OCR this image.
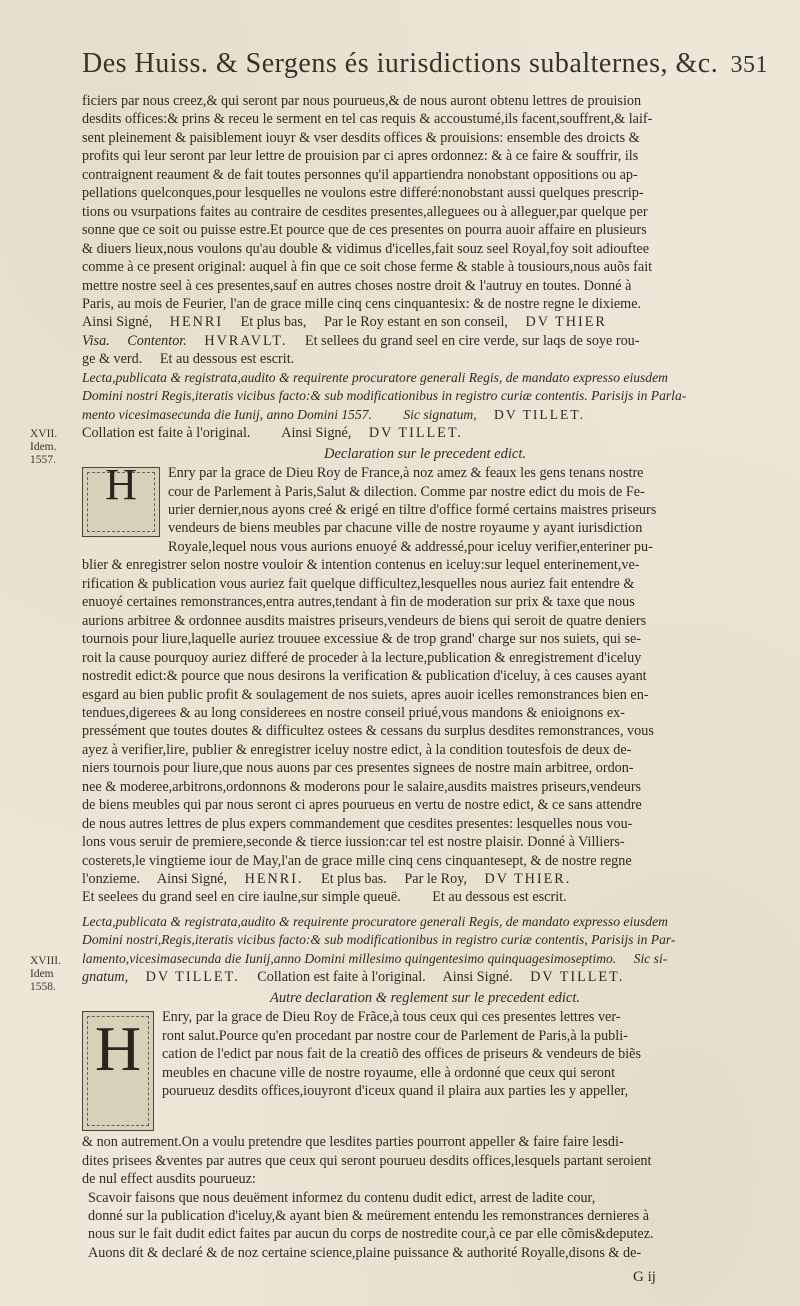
Des Huiss. & Sergens és iurisdictions subalternes, &c. 351
XVII.
Idem. 1557.
XVIII.
Idem 1558.
ficiers par nous creez,& qui seront par nous pourueus,& de nous auront obtenu lettres de prouision
desdits offices:& prins & receu le serment en tel cas requis & accoustumé,ils facent,souffrent,& laif-
sent pleinement & paisiblement iouyr & vser desdits offices & prouisions: ensemble des droicts &
profits qui leur seront par leur lettre de prouision par ci apres ordonnez: & à ce faire & souffrir, ils
contraignent reaument & de fait toutes personnes qu'il appartiendra nonobstant oppositions ou ap-
pellations quelconques,pour lesquelles ne voulons estre differé:nonobstant aussi quelques prescrip-
tions ou vsurpations faites au contraire de cesdites presentes,alleguees ou à alleguer,par quelque per
sonne que ce soit ou puisse estre.Et pource que de ces presentes on pourra auoir affaire en plusieurs
& diuers lieux,nous voulons qu'au double & vidimus d'icelles,fait souz seel Royal,foy soit adiouftee
comme à ce present original: auquel à fin que ce soit chose ferme & stable à tousiours,nous auõs fait
mettre nostre seel à ces presentes,sauf en autres choses nostre droit & l'autruy en toutes. Donné à
Paris, au mois de Feurier, l'an de grace mille cinq cens cinquantesix: & de nostre regne le dixieme.
Ainsi Signé, HENRI Et plus bas, Par le Roy estant en son conseil, DV THIER
Visa. Contentor. HVRAVLT. Et sellees du grand seel en cire verde, sur laqs de soye rou-
ge & verd. Et au dessous est escrit.
Lecta,publicata & registrata,audito & requirente procuratore generali Regis, de mandato expresso eiusdem
Domini nostri Regis,iteratis vicibus facto:& sub modificationibus in registro curiæ contentis. Parisijs in Parla-
mento vicesimasecunda die Iunij, anno Domini 1557. Sic signatum, DV TILLET.
Collation est faite à l'original. Ainsi Signé, DV TILLET.
Declaration sur le precedent edict.
H	Enry par la grace de Dieu Roy de France,à noz amez & feaux les gens tenans nostre
cour de Parlement à Paris,Salut & dilection. Comme par nostre edict du mois de Fe-
urier dernier,nous ayons creé & erigé en tiltre d'office formé certains maistres priseurs
vendeurs de biens meubles par chacune ville de nostre royaume y ayant iurisdiction
Royale,lequel nous vous aurions enuoyé & addressé,pour iceluy verifier,enteriner pu-
blier & enregistrer selon nostre vouloir & intention contenus en iceluy:sur lequel enterinement,ve-
rification & publication vous auriez fait quelque difficultez,lesquelles nous auriez fait entendre &
enuoyé certaines remonstrances,entra autres,tendant à fin de moderation sur prix & taxe que nous
aurions arbitree & ordonnee ausdits maistres priseurs,vendeurs de biens qui seroit de quatre deniers
tournois pour liure,laquelle auriez trouuee excessiue & de trop grand' charge sur nos suiets, qui se-
roit la cause pourquoy auriez differé de proceder à la lecture,publication & enregistrement d'iceluy
nostredit edict:& pource que nous desirons la verification & publication d'iceluy, à ces causes ayant
esgard au bien public profit & soulagement de nos suiets, apres auoir icelles remonstrances bien en-
tendues,digerees & au long considerees en nostre conseil priué,vous mandons & enioignons ex-
pressément que toutes doutes & difficultez ostees & cessans du surplus desdites remonstrances, vous
ayez à verifier,lire, publier & enregistrer iceluy nostre edict, à la condition toutesfois de deux de-
niers tournois pour liure,que nous auons par ces presentes signees de nostre main arbitree, ordon-
nee & moderee,arbitrons,ordonnons & moderons pour le salaire,ausdits maistres priseurs,vendeurs
de biens meubles qui par nous seront ci apres pourueus en vertu de nostre edict, & ce sans attendre
de nous autres lettres de plus expers commandement que cesdites presentes: lesquelles nous vou-
lons vous seruir de premiere,seconde & tierce iussion:car tel est nostre plaisir. Donné à Villiers-
costerets,le vingtieme iour de May,l'an de grace mille cinq cens cinquantesept, & de nostre regne
l'onzieme. Ainsi Signé, HENRI. Et plus bas. Par le Roy, DV THIER.
Et seelees du grand seel en cire iaulne,sur simple queuë. Et au dessous est escrit.
Lecta,publicata & registrata,audito & requirente procuratore generali Regis, de mandato expresso eiusdem
Domini nostri,Regis,iteratis vicibus facto:& sub modificationibus in registro curiæ contentis, Parisijs in Par-
lamento,vicesimasecunda die Iunij,anno Domini millesimo quingentesimo quinquagesimoseptimo. Sic si-
gnatum, DV TILLET. Collation est faite à l'original. Ainsi Signé. DV TILLET.
Autre declaration & reglement sur le precedent edict.
H	Enry, par la grace de Dieu Roy de Frãce,à tous ceux qui ces presentes lettres ver-
ront salut.Pource qu'en procedant par nostre cour de Parlement de Paris,à la publi-
cation de l'edict par nous fait de la creatiõ des offices de priseurs & vendeurs de biẽs
meubles en chacune ville de nostre royaume, elle à ordonné que ceux qui seront
pourueuz desdits offices,iouyront d'iceux quand il plaira aux parties les y appeller,
& non autrement.On a voulu pretendre que lesdites parties pourront appeller & faire faire lesdi-
dites prisees &ventes par autres que ceux qui seront pourueu desdits offices,lesquels partant seroient
de nul effect ausdits pourueuz:
Scavoir faisons que nous deuëment informez du contenu dudit edict, arrest de ladite cour,
donné sur la publication d'iceluy,& ayant bien & meürement entendu les remonstrances dernieres à
nous sur le fait dudit edict faites par aucun du corps de nostredite cour,à ce par elle cõmis&deputez.
Auons dit & declaré & de noz certaine science,plaine puissance & authorité Royalle,disons & de-
G ij
